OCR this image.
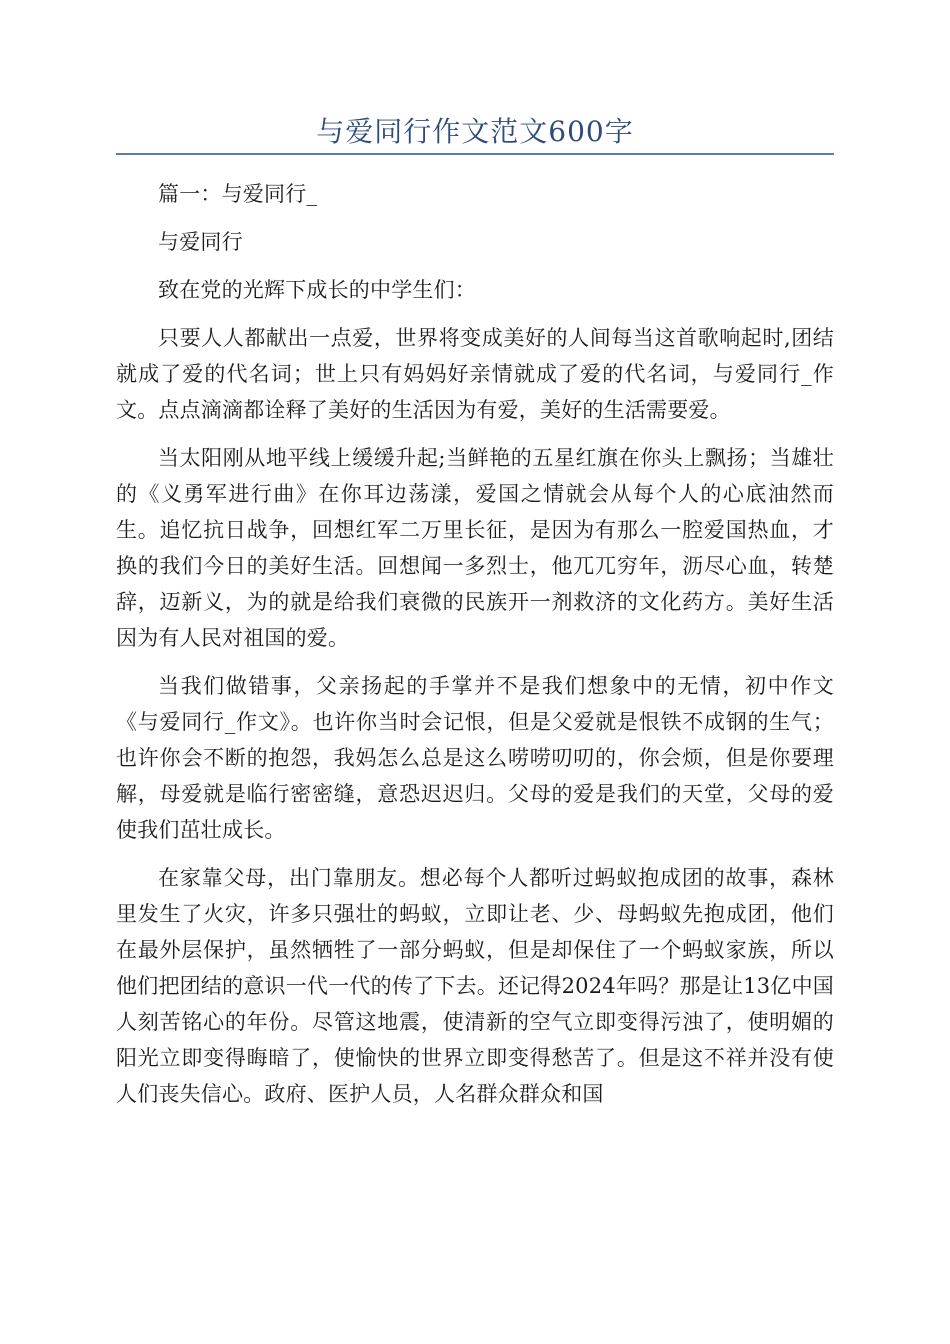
与爱同行作文范文600字

篇一：与爱同行_

与爱同行

致在党的光辉下成长的中学生们：

只要人人都献出一点爱，世界将变成美好的人间每当这首歌响起时,团结就成了爱的代名词；世上只有妈妈好亲情就成了爱的代名词，与爱同行_作文。点点滴滴都诠释了美好的生活因为有爱，美好的生活需要爱。

当太阳刚从地平线上缓缓升起;当鲜艳的五星红旗在你头上飘扬；当雄壮的《义勇军进行曲》在你耳边荡漾，爱国之情就会从每个人的心底油然而生。追忆抗日战争，回想红军二万里长征，是因为有那么一腔爱国热血，才换的我们今日的美好生活。回想闻一多烈士，他兀兀穷年，沥尽心血，转楚辞，迈新义，为的就是给我们衰微的民族开一剂救济的文化药方。美好生活因为有人民对祖国的爱。

当我们做错事，父亲扬起的手掌并不是我们想象中的无情，初中作文《与爱同行_作文》。也许你当时会记恨，但是父爱就是恨铁不成钢的生气；也许你会不断的抱怨，我妈怎么总是这么唠唠叨叨的，你会烦，但是你要理解，母爱就是临行密密缝，意恐迟迟归。父母的爱是我们的天堂，父母的爱使我们茁壮成长。

在家靠父母，出门靠朋友。想必每个人都听过蚂蚁抱成团的故事，森林里发生了火灾，许多只强壮的蚂蚁，立即让老、少、母蚂蚁先抱成团，他们在最外层保护，虽然牺牲了一部分蚂蚁，但是却保住了一个蚂蚁家族，所以他们把团结的意识一代一代的传了下去。还记得2024年吗？那是让13亿中国人刻苦铭心的年份。尽管这地震，使清新的空气立即变得污浊了，使明媚的阳光立即变得晦暗了，使愉快的世界立即变得愁苦了。但是这不祥并没有使人们丧失信心。政府、医护人员，人名群众群众和国
